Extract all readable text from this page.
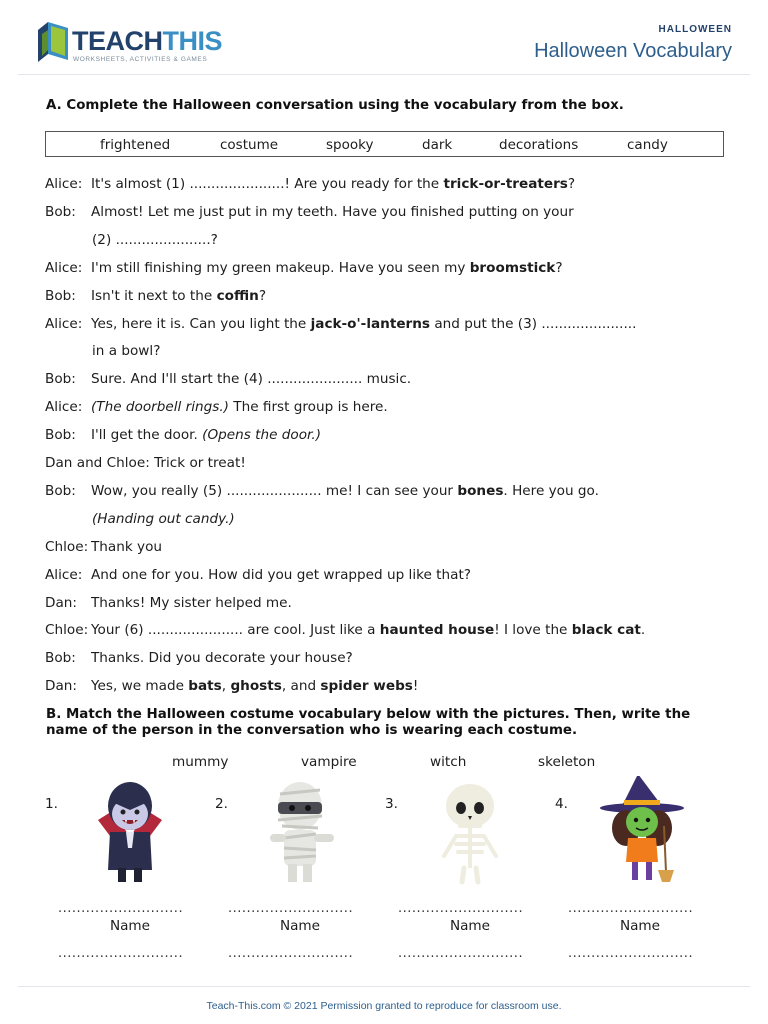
TEACHTHIS
WORKSHEETS, ACTIVITIES & GAMES
HALLOWEEN
Halloween Vocabulary
A. Complete the Halloween conversation using the vocabulary from the box.
frightened	costume	spooky	dark	decorations	candy
Alice: It's almost (1) ......................! Are you ready for the trick-or-treaters?
Bob: Almost! Let me just put in my teeth. Have you finished putting on your
(2) ......................?
Alice: I'm still finishing my green makeup. Have you seen my broomstick?
Bob: Isn't it next to the coffin?
Alice: Yes, here it is. Can you light the jack-o'-lanterns and put the (3) ......................
in a bowl?
Bob: Sure. And I'll start the (4) ...................... music.
Alice: (The doorbell rings.) The first group is here.
Bob: I'll get the door. (Opens the door.)
Dan and Chloe: Trick or treat!
Bob: Wow, you really (5) ...................... me! I can see your bones. Here you go.
(Handing out candy.)
Chloe: Thank you
Alice: And one for you. How did you get wrapped up like that?
Dan: Thanks! My sister helped me.
Chloe: Your (6) ...................... are cool. Just like a haunted house! I love the black cat.
Bob: Thanks. Did you decorate your house?
Dan: Yes, we made bats, ghosts, and spider webs!
B. Match the Halloween costume vocabulary below with the pictures. Then, write the
name of the person in the conversation who is wearing each costume.
mummy	vampire	witch	skeleton
1.	2.	3.	4.
...........................	...........................	...........................	...........................
Name	Name	Name	Name
...........................	...........................	...........................	...........................
Teach-This.com © 2021 Permission granted to reproduce for classroom use.
